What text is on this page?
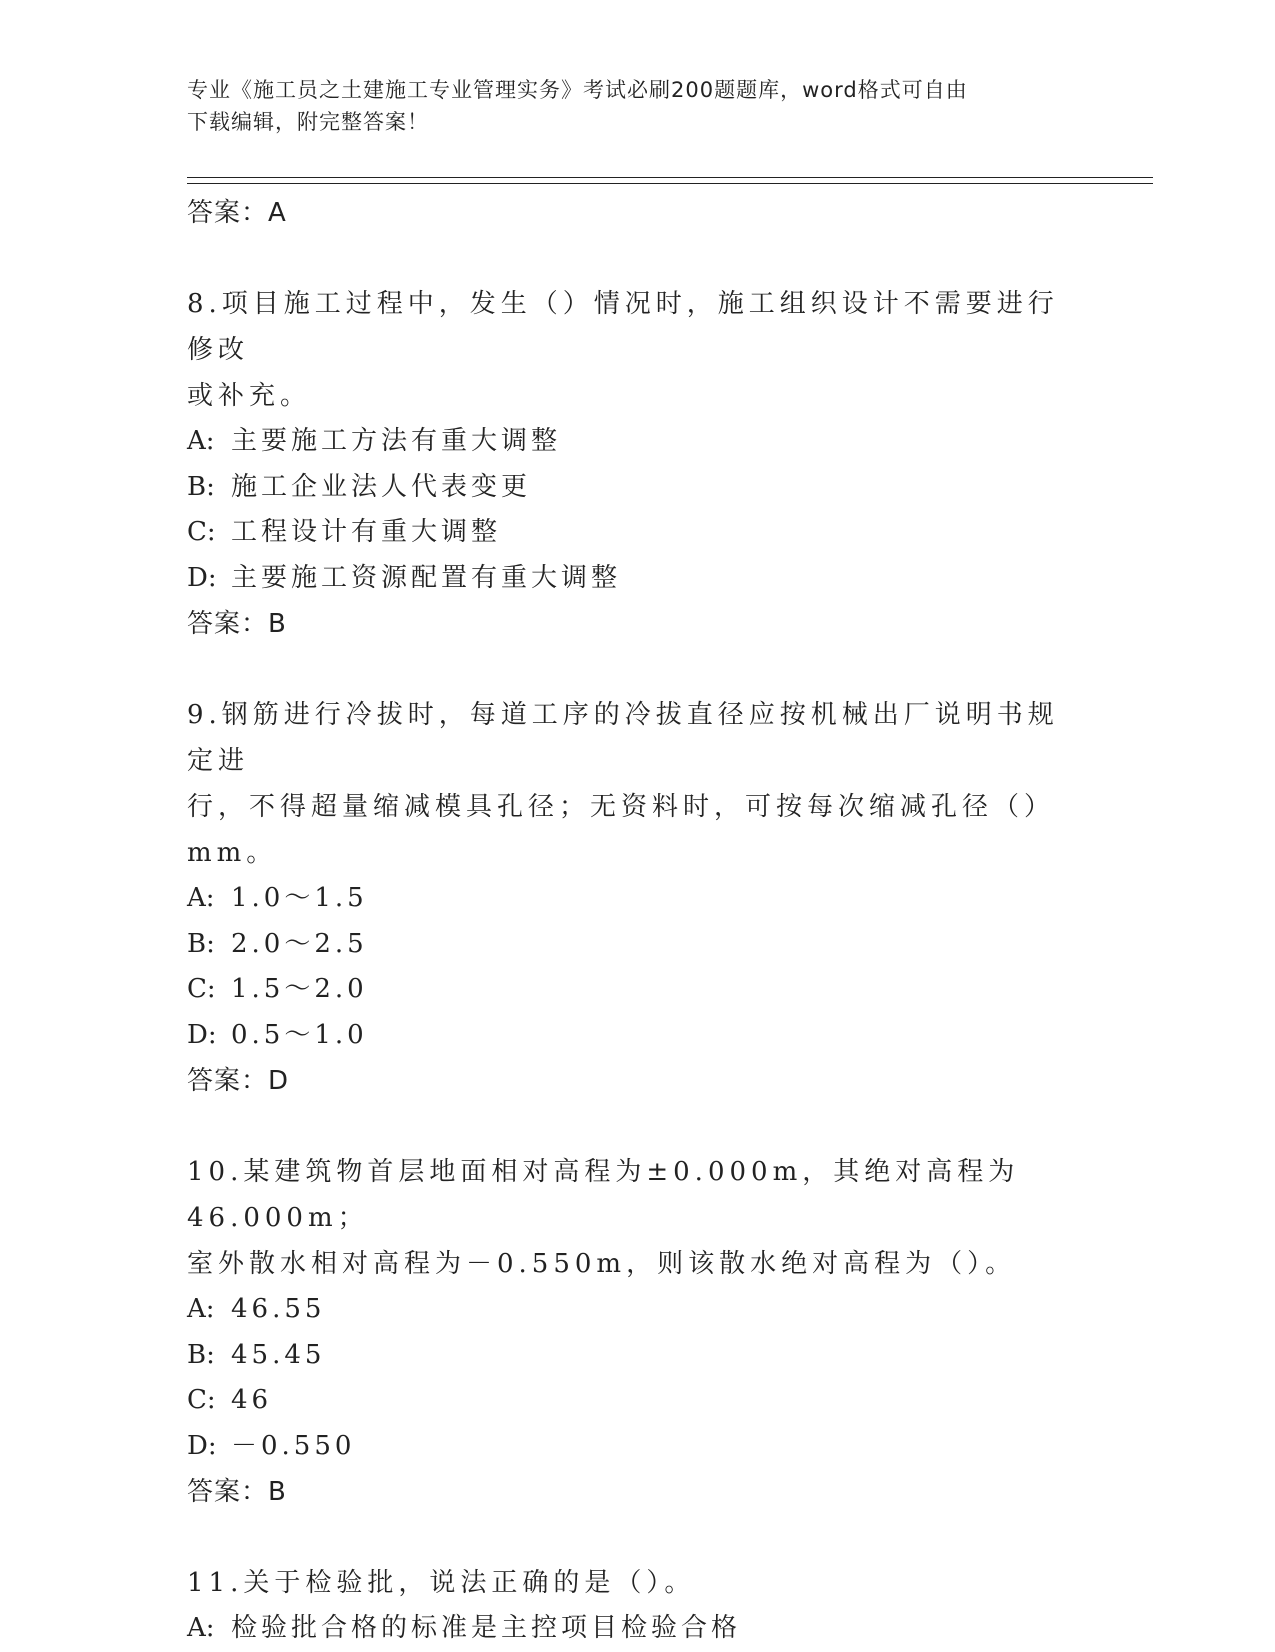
专业《施工员之土建施工专业管理实务》考试必刷200题题库，word格式可自由
下载编辑，附完整答案！
答案：A
8.项目施工过程中，发生（）情况时，施工组织设计不需要进行修改
或补充。
A: 主要施工方法有重大调整
B: 施工企业法人代表变更
C: 工程设计有重大调整
D: 主要施工资源配置有重大调整
答案：B
9.钢筋进行冷拔时，每道工序的冷拔直径应按机械出厂说明书规定进
行，不得超量缩减模具孔径；无资料时，可按每次缩减孔径（）mm。
A: 1.0～1.5
B: 2.0～2.5
C: 1.5～2.0
D: 0.5～1.0
答案：D
10.某建筑物首层地面相对高程为±0.000m，其绝对高程为46.000m；
室外散水相对高程为－0.550m，则该散水绝对高程为（）。
A: 46.55
B: 45.45
C: 46
D: －0.550
答案：B
11.关于检验批，说法正确的是（）。
A: 检验批合格的标准是主控项目检验合格
